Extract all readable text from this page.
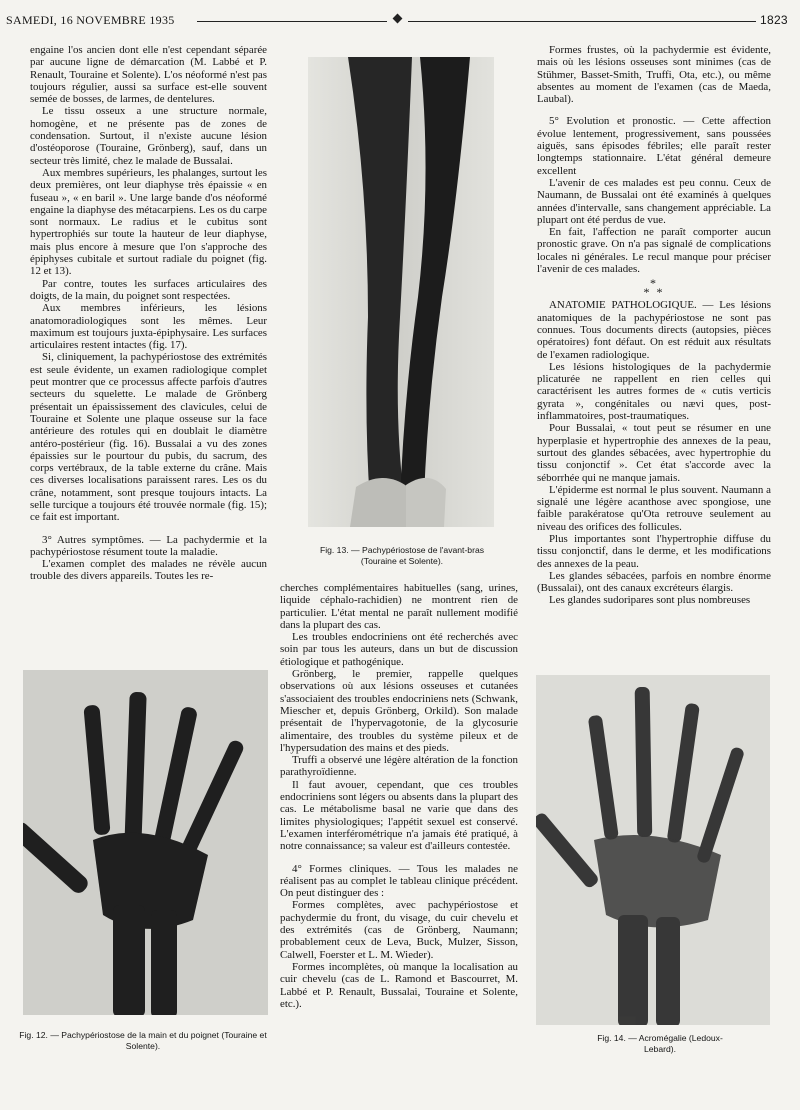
SAMEDI, 16 NOVEMBRE 1935	1823

engaine l'os ancien dont elle n'est cependant séparée par aucune ligne de démarcation (M. Labbé et P. Renault, Touraine et Solente). L'os néoformé n'est pas toujours régulier, aussi sa surface est-elle souvent semée de bosses, de larmes, de dentelures.

Le tissu osseux a une structure normale, homogène, et ne présente pas de zones de condensation. Surtout, il n'existe aucune lésion d'ostéoporose (Touraine, Grönberg), sauf, dans un secteur très limité, chez le malade de Bussalai.

Aux membres supérieurs, les phalanges, surtout les deux premières, ont leur diaphyse très épaissie « en fuseau », « en baril ». Une large bande d'os néoformé engaine la diaphyse des métacarpiens. Les os du carpe sont normaux. Le radius et le cubitus sont hypertrophiés sur toute la hauteur de leur diaphyse, mais plus encore à mesure que l'on s'approche des épiphyses cubitale et surtout radiale du poignet (fig. 12 et 13).

Par contre, toutes les surfaces articulaires des doigts, de la main, du poignet sont respectées.

Aux membres inférieurs, les lésions anatomoradiologiques sont les mêmes. Leur maximum est toujours juxta-épiphysaire. Les surfaces articulaires restent intactes (fig. 17).

Si, cliniquement, la pachypériostose des extrémités est seule évidente, un examen radiologique complet peut montrer que ce processus affecte parfois d'autres secteurs du squelette. Le malade de Grönberg présentait un épaississement des clavicules, celui de Touraine et Solente une plaque osseuse sur la face antérieure des rotules qui en doublait le diamètre antéro-postérieur (fig. 16). Bussalai a vu des zones épaissies sur le pourtour du pubis, du sacrum, des corps vertébraux, de la table externe du crâne. Mais ces diverses localisations paraissent rares. Les os du crâne, notamment, sont presque toujours intacts. La selle turcique a toujours été trouvée normale (fig. 15); ce fait est important.

3° Autres symptômes. — La pachydermie et la pachypériostose résument toute la maladie.

L'examen complet des malades ne révèle aucun trouble des divers appareils. Toutes les re-

Fig. 13. — Pachypériostose de l'avant-bras (Touraine et Solente).

cherches complémentaires habituelles (sang, urines, liquide céphalo-rachidien) ne montrent rien de particulier. L'état mental ne paraît nullement modifié dans la plupart des cas.

Les troubles endocriniens ont été recherchés avec soin par tous les auteurs, dans un but de discussion étiologique et pathogénique.

Grönberg, le premier, rappelle quelques observations où aux lésions osseuses et cutanées s'associaient des troubles endocriniens nets (Schwank, Miescher et, depuis Grönberg, Orkild). Son malade présentait de l'hypervagotonie, de la glycosurie alimentaire, des troubles du système pileux et de l'hypersudation des mains et des pieds.

Truffi a observé une légère altération de la fonction parathyroïdienne.

Il faut avouer, cependant, que ces troubles endocriniens sont légers ou absents dans la plupart des cas. Le métabolisme basal ne varie que dans des limites physiologiques; l'appétit sexuel est conservé. L'examen interférométrique n'a jamais été pratiqué, à notre connaissance; sa valeur est d'ailleurs contestée.

4° Formes cliniques. — Tous les malades ne réalisent pas au complet le tableau clinique précédent. On peut distinguer des :

Formes complètes, avec pachypériostose et pachydermie du front, du visage, du cuir chevelu et des extrémités (cas de Grönberg, Naumann; probablement ceux de Leva, Buck, Mulzer, Sisson, Calwell, Foerster et L. M. Wieder).

Formes incomplètes, où manque la localisation au cuir chevelu (cas de L. Ramond et Bascourret, M. Labbé et P. Renault, Bussalai, Touraine et Solente, etc.).

Formes frustes, où la pachydermie est évidente, mais où les lésions osseuses sont minimes (cas de Stühmer, Basset-Smith, Truffi, Ota, etc.), ou même absentes au moment de l'examen (cas de Maeda, Laubal).

5° Evolution et pronostic. — Cette affection évolue lentement, progressivement, sans poussées aiguës, sans épisodes fébriles; elle paraît rester longtemps stationnaire. L'état général demeure excellent

L'avenir de ces malades est peu connu. Ceux de Naumann, de Bussalai ont été examinés à quelques années d'intervalle, sans changement appréciable. La plupart ont été perdus de vue.

En fait, l'affection ne paraît comporter aucun pronostic grave. On n'a pas signalé de complications locales ni générales. Le recul manque pour préciser l'avenir de ces malades.

*
* *

ANATOMIE PATHOLOGIQUE. — Les lésions anatomiques de la pachypériostose ne sont pas connues. Tous documents directs (autopsies, pièces opératoires) font défaut. On est réduit aux résultats de l'examen radiologique.

Les lésions histologiques de la pachydermie plicaturée ne rappellent en rien celles qui caractérisent les autres formes de « cutis verticis gyrata », congénitales ou nævi ques, post-inflammatoires, post-traumatiques.

Pour Bussalai, « tout peut se résumer en une hyperplasie et hypertrophie des annexes de la peau, surtout des glandes sébacées, avec hypertrophie du tissu conjonctif ». Cet état s'accorde avec la séborrhée qui ne manque jamais.

L'épiderme est normal le plus souvent. Naumann a signalé une légère acanthose avec spongiose, une faible parakératose qu'Ota retrouve seulement au niveau des orifices des follicules.

Plus importantes sont l'hypertrophie diffuse du tissu conjonctif, dans le derme, et les modifications des annexes de la peau.

Les glandes sébacées, parfois en nombre énorme (Bussalai), ont des canaux excréteurs élargis.

Les glandes sudoripares sont plus nombreuses

Fig. 12. — Pachypériostose de la main et du poignet (Touraine et Solente).
Fig. 14. — Acromégalie (Ledoux-Lebard).
